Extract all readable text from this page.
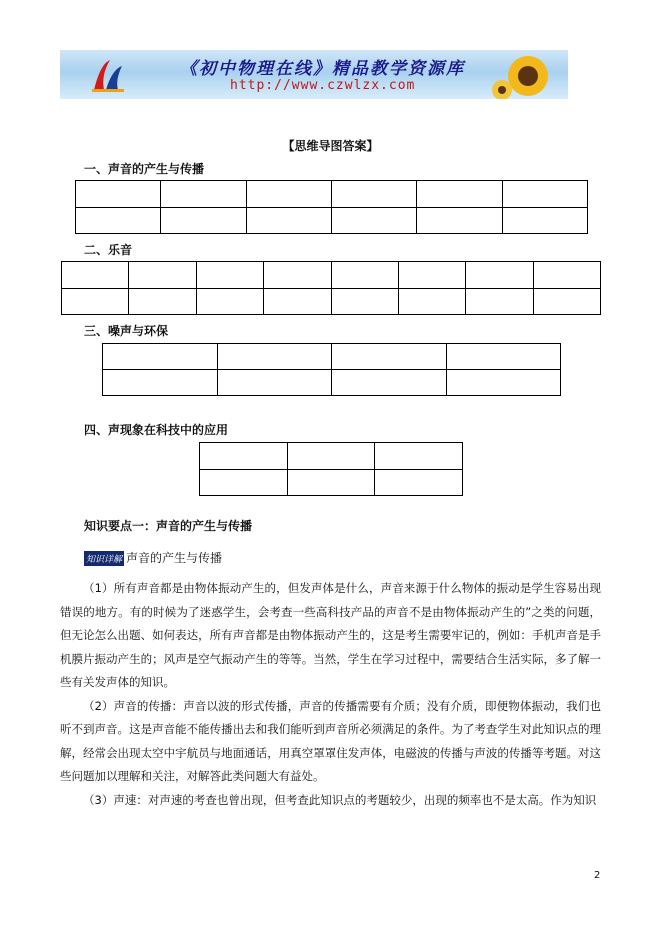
《初中物理在线》精品教学资源库
http://www.czwlzx.com
【思维导图答案】
一、声音的产生与传播

二、乐音

三、噪声与环保

四、声现象在科技中的应用

知识要点一：声音的产生与传播
知识详解 声音的产生与传播

（1）所有声音都是由物体振动产生的，但发声体是什么，声音来源于什么物体的振动是学生容易出现错误的地方。有的时候为了迷惑学生，会考查一些高科技产品的声音不是由物体振动产生的”之类的问题，但无论怎么出题、如何表达，所有声音都是由物体振动产生的，这是考生需要牢记的，例如：手机声音是手机膜片振动产生的；风声是空气振动产生的等等。当然，学生在学习过程中，需要结合生活实际，多了解一些有关发声体的知识。

（2）声音的传播：声音以波的形式传播，声音的传播需要有介质；没有介质，即便物体振动，我们也听不到声音。这是声音能不能传播出去和我们能听到声音所必须满足的条件。为了考查学生对此知识点的理解，经常会出现太空中宇航员与地面通话，用真空罩罩住发声体，电磁波的传播与声波的传播等考题。对这些问题加以理解和关注，对解答此类问题大有益处。

（3）声速：对声速的考查也曾出现，但考查此知识点的考题较少，出现的频率也不是太高。作为知识

2
